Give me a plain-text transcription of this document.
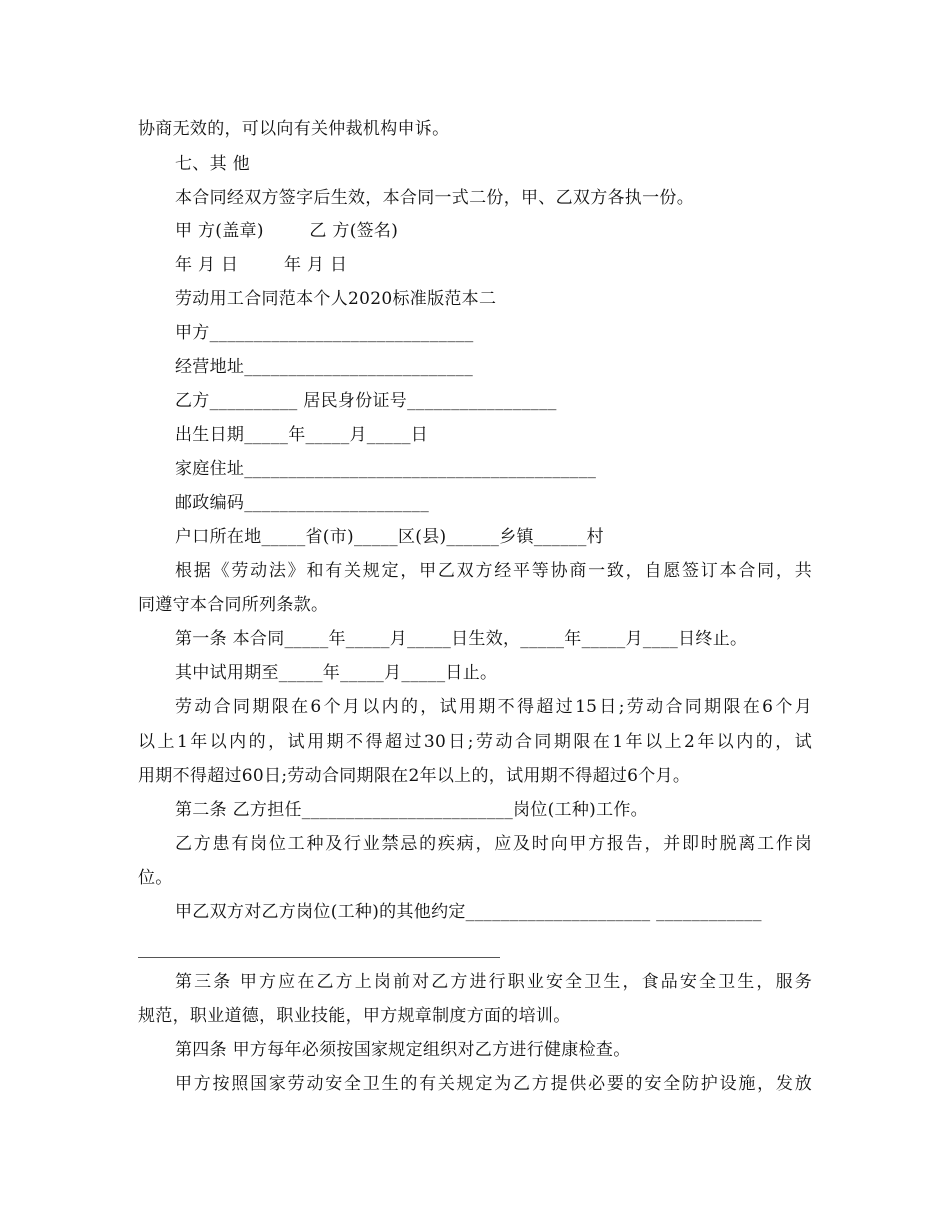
协商无效的，可以向有关仲裁机构申诉。
七、其 他
本合同经双方签字后生效，本合同一式二份，甲、乙双方各执一份。
甲 方(盖章)        乙 方(签名)
年 月 日        年 月 日
劳动用工合同范本个人2020标准版范本二
甲方______________________________
经营地址__________________________
乙方__________ 居民身份证号_________________
出生日期_____年_____月_____日
家庭住址________________________________________
邮政编码_____________________
户口所在地_____省(市)_____区(县)______乡镇______村
根据《劳动法》和有关规定，甲乙双方经平等协商一致，自愿签订本合同，共
同遵守本合同所列条款。
第一条 本合同_____年_____月_____日生效，_____年_____月____日终止。
其中试用期至_____年_____月_____日止。
劳动合同期限在6个月以内的，试用期不得超过15日;劳动合同期限在6个月
以上1年以内的，试用期不得超过30日;劳动合同期限在1年以上2年以内的，试
用期不得超过60日;劳动合同期限在2年以上的，试用期不得超过6个月。
第二条 乙方担任________________________岗位(工种)工作。
乙方患有岗位工种及行业禁忌的疾病，应及时向甲方报告，并即时脱离工作岗
位。
甲乙双方对乙方岗位(工种)的其他约定_____________________ ____________
第三条 甲方应在乙方上岗前对乙方进行职业安全卫生，食品安全卫生，服务
规范，职业道德，职业技能，甲方规章制度方面的培训。
第四条 甲方每年必须按国家规定组织对乙方进行健康检查。
甲方按照国家劳动安全卫生的有关规定为乙方提供必要的安全防护设施，发放
